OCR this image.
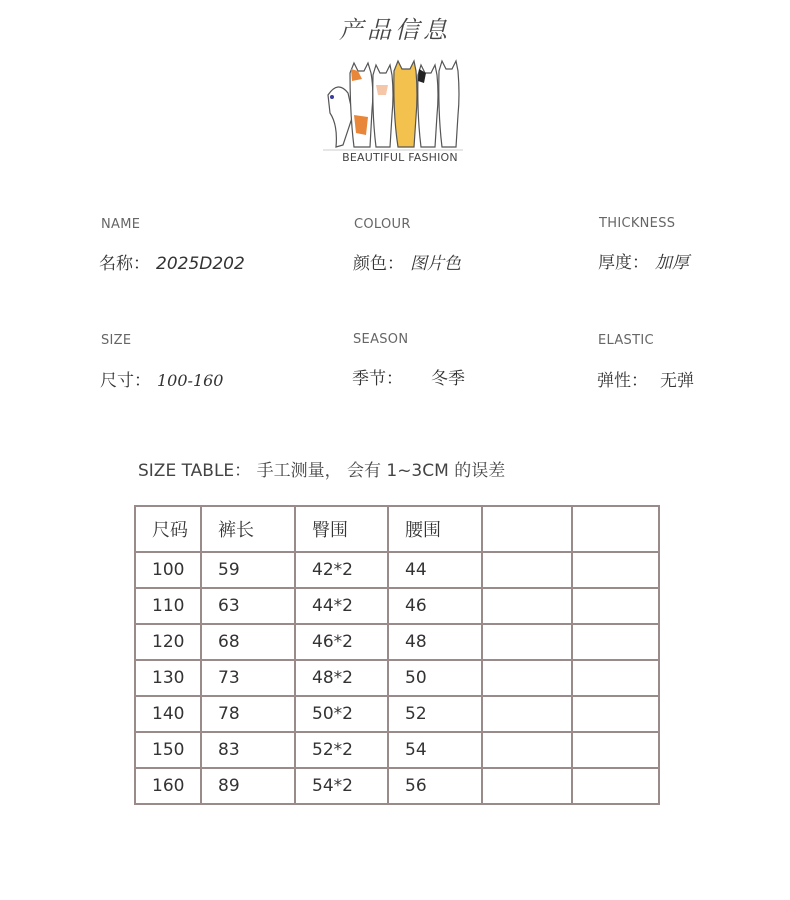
产品信息
BEAUTIFUL FASHION
NAME
名称： 2025D202
COLOUR
颜色： 图片色
THICKNESS
厚度： 加厚
SIZE
尺寸： 100-160
SEASON
季节： 冬季
ELASTIC
弹性： 无弹
SIZE TABLE： 手工测量， 会有 1~3CM 的误差
尺码	裤长	臀围	腰围		
100	59	42*2	44		
110	63	44*2	46		
120	68	46*2	48		
130	73	48*2	50		
140	78	50*2	52		
150	83	52*2	54		
160	89	54*2	56		
